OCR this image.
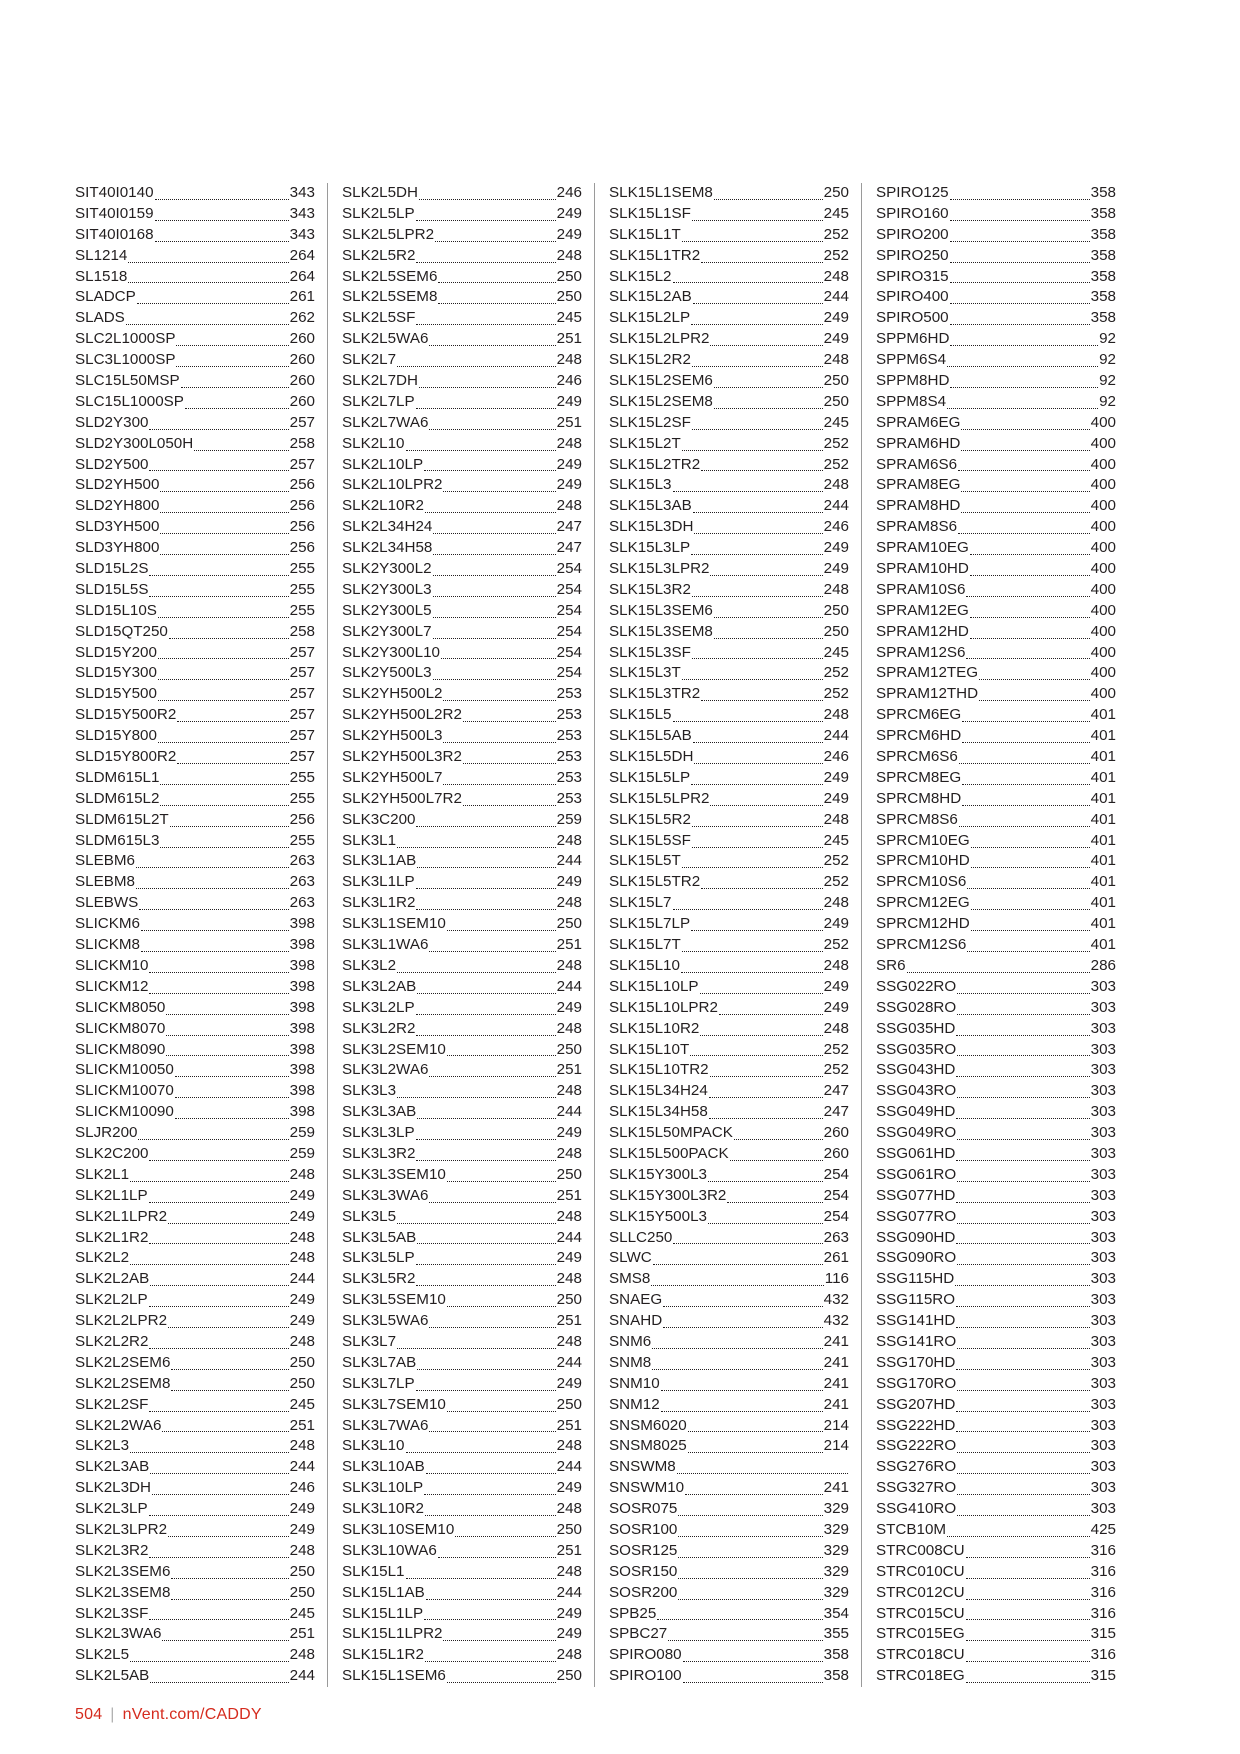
SIT40I0140	343
SIT40I0159	343
SIT40I0168	343
SL1214	264
SL1518	264
SLADCP	261
SLADS	262
SLC2L1000SP	260
SLC3L1000SP	260
SLC15L50MSP	260
SLC15L1000SP	260
SLD2Y300	257
SLD2Y300L050H	258
SLD2Y500	257
SLD2YH500	256
SLD2YH800	256
SLD3YH500	256
SLD3YH800	256
SLD15L2S	255
SLD15L5S	255
SLD15L10S	255
SLD15QT250	258
SLD15Y200	257
SLD15Y300	257
SLD15Y500	257
SLD15Y500R2	257
SLD15Y800	257
SLD15Y800R2	257
SLDM615L1	255
SLDM615L2	255
SLDM615L2T	256
SLDM615L3	255
SLEBM6	263
SLEBM8	263
SLEBWS	263
SLICKM6	398
SLICKM8	398
SLICKM10	398
SLICKM12	398
SLICKM8050	398
SLICKM8070	398
SLICKM8090	398
SLICKM10050	398
SLICKM10070	398
SLICKM10090	398
SLJR200	259
SLK2C200	259
SLK2L1	248
SLK2L1LP	249
SLK2L1LPR2	249
SLK2L1R2	248
SLK2L2	248
SLK2L2AB	244
SLK2L2LP	249
SLK2L2LPR2	249
SLK2L2R2	248
SLK2L2SEM6	250
SLK2L2SEM8	250
SLK2L2SF	245
SLK2L2WA6	251
SLK2L3	248
SLK2L3AB	244
SLK2L3DH	246
SLK2L3LP	249
SLK2L3LPR2	249
SLK2L3R2	248
SLK2L3SEM6	250
SLK2L3SEM8	250
SLK2L3SF	245
SLK2L3WA6	251
SLK2L5	248
SLK2L5AB	244
SLK2L5DH	246
SLK2L5LP	249
SLK2L5LPR2	249
SLK2L5R2	248
SLK2L5SEM6	250
SLK2L5SEM8	250
SLK2L5SF	245
SLK2L5WA6	251
SLK2L7	248
SLK2L7DH	246
SLK2L7LP	249
SLK2L7WA6	251
SLK2L10	248
SLK2L10LP	249
SLK2L10LPR2	249
SLK2L10R2	248
SLK2L34H24	247
SLK2L34H58	247
SLK2Y300L2	254
SLK2Y300L3	254
SLK2Y300L5	254
SLK2Y300L7	254
SLK2Y300L10	254
SLK2Y500L3	254
SLK2YH500L2	253
SLK2YH500L2R2	253
SLK2YH500L3	253
SLK2YH500L3R2	253
SLK2YH500L7	253
SLK2YH500L7R2	253
SLK3C200	259
SLK3L1	248
SLK3L1AB	244
SLK3L1LP	249
SLK3L1R2	248
SLK3L1SEM10	250
SLK3L1WA6	251
SLK3L2	248
SLK3L2AB	244
SLK3L2LP	249
SLK3L2R2	248
SLK3L2SEM10	250
SLK3L2WA6	251
SLK3L3	248
SLK3L3AB	244
SLK3L3LP	249
SLK3L3R2	248
SLK3L3SEM10	250
SLK3L3WA6	251
SLK3L5	248
SLK3L5AB	244
SLK3L5LP	249
SLK3L5R2	248
SLK3L5SEM10	250
SLK3L5WA6	251
SLK3L7	248
SLK3L7AB	244
SLK3L7LP	249
SLK3L7SEM10	250
SLK3L7WA6	251
SLK3L10	248
SLK3L10AB	244
SLK3L10LP	249
SLK3L10R2	248
SLK3L10SEM10	250
SLK3L10WA6	251
SLK15L1	248
SLK15L1AB	244
SLK15L1LP	249
SLK15L1LPR2	249
SLK15L1R2	248
SLK15L1SEM6	250
SLK15L1SEM8	250
SLK15L1SF	245
SLK15L1T	252
SLK15L1TR2	252
SLK15L2	248
SLK15L2AB	244
SLK15L2LP	249
SLK15L2LPR2	249
SLK15L2R2	248
SLK15L2SEM6	250
SLK15L2SEM8	250
SLK15L2SF	245
SLK15L2T	252
SLK15L2TR2	252
SLK15L3	248
SLK15L3AB	244
SLK15L3DH	246
SLK15L3LP	249
SLK15L3LPR2	249
SLK15L3R2	248
SLK15L3SEM6	250
SLK15L3SEM8	250
SLK15L3SF	245
SLK15L3T	252
SLK15L3TR2	252
SLK15L5	248
SLK15L5AB	244
SLK15L5DH	246
SLK15L5LP	249
SLK15L5LPR2	249
SLK15L5R2	248
SLK15L5SF	245
SLK15L5T	252
SLK15L5TR2	252
SLK15L7	248
SLK15L7LP	249
SLK15L7T	252
SLK15L10	248
SLK15L10LP	249
SLK15L10LPR2	249
SLK15L10R2	248
SLK15L10T	252
SLK15L10TR2	252
SLK15L34H24	247
SLK15L34H58	247
SLK15L50MPACK	260
SLK15L500PACK	260
SLK15Y300L3	254
SLK15Y300L3R2	254
SLK15Y500L3	254
SLLC250	263
SLWC	261
SMS8	116
SNAEG	432
SNAHD	432
SNM6	241
SNM8	241
SNM10	241
SNM12	241
SNSM6020	214
SNSM8025	214
SNSWM8
SNSWM10	241
SOSR075	329
SOSR100	329
SOSR125	329
SOSR150	329
SOSR200	329
SPB25	354
SPBC27	355
SPIRO080	358
SPIRO100	358
SPIRO125	358
SPIRO160	358
SPIRO200	358
SPIRO250	358
SPIRO315	358
SPIRO400	358
SPIRO500	358
SPPM6HD	92
SPPM6S4	92
SPPM8HD	92
SPPM8S4	92
SPRAM6EG	400
SPRAM6HD	400
SPRAM6S6	400
SPRAM8EG	400
SPRAM8HD	400
SPRAM8S6	400
SPRAM10EG	400
SPRAM10HD	400
SPRAM10S6	400
SPRAM12EG	400
SPRAM12HD	400
SPRAM12S6	400
SPRAM12TEG	400
SPRAM12THD	400
SPRCM6EG	401
SPRCM6HD	401
SPRCM6S6	401
SPRCM8EG	401
SPRCM8HD	401
SPRCM8S6	401
SPRCM10EG	401
SPRCM10HD	401
SPRCM10S6	401
SPRCM12EG	401
SPRCM12HD	401
SPRCM12S6	401
SR6	286
SSG022RO	303
SSG028RO	303
SSG035HD	303
SSG035RO	303
SSG043HD	303
SSG043RO	303
SSG049HD	303
SSG049RO	303
SSG061HD	303
SSG061RO	303
SSG077HD	303
SSG077RO	303
SSG090HD	303
SSG090RO	303
SSG115HD	303
SSG115RO	303
SSG141HD	303
SSG141RO	303
SSG170HD	303
SSG170RO	303
SSG207HD	303
SSG222HD	303
SSG222RO	303
SSG276RO	303
SSG327RO	303
SSG410RO	303
STCB10M	425
STRC008CU	316
STRC010CU	316
STRC012CU	316
STRC015CU	316
STRC015EG	315
STRC018CU	316
STRC018EG	315
504 | nVent.com/CADDY
